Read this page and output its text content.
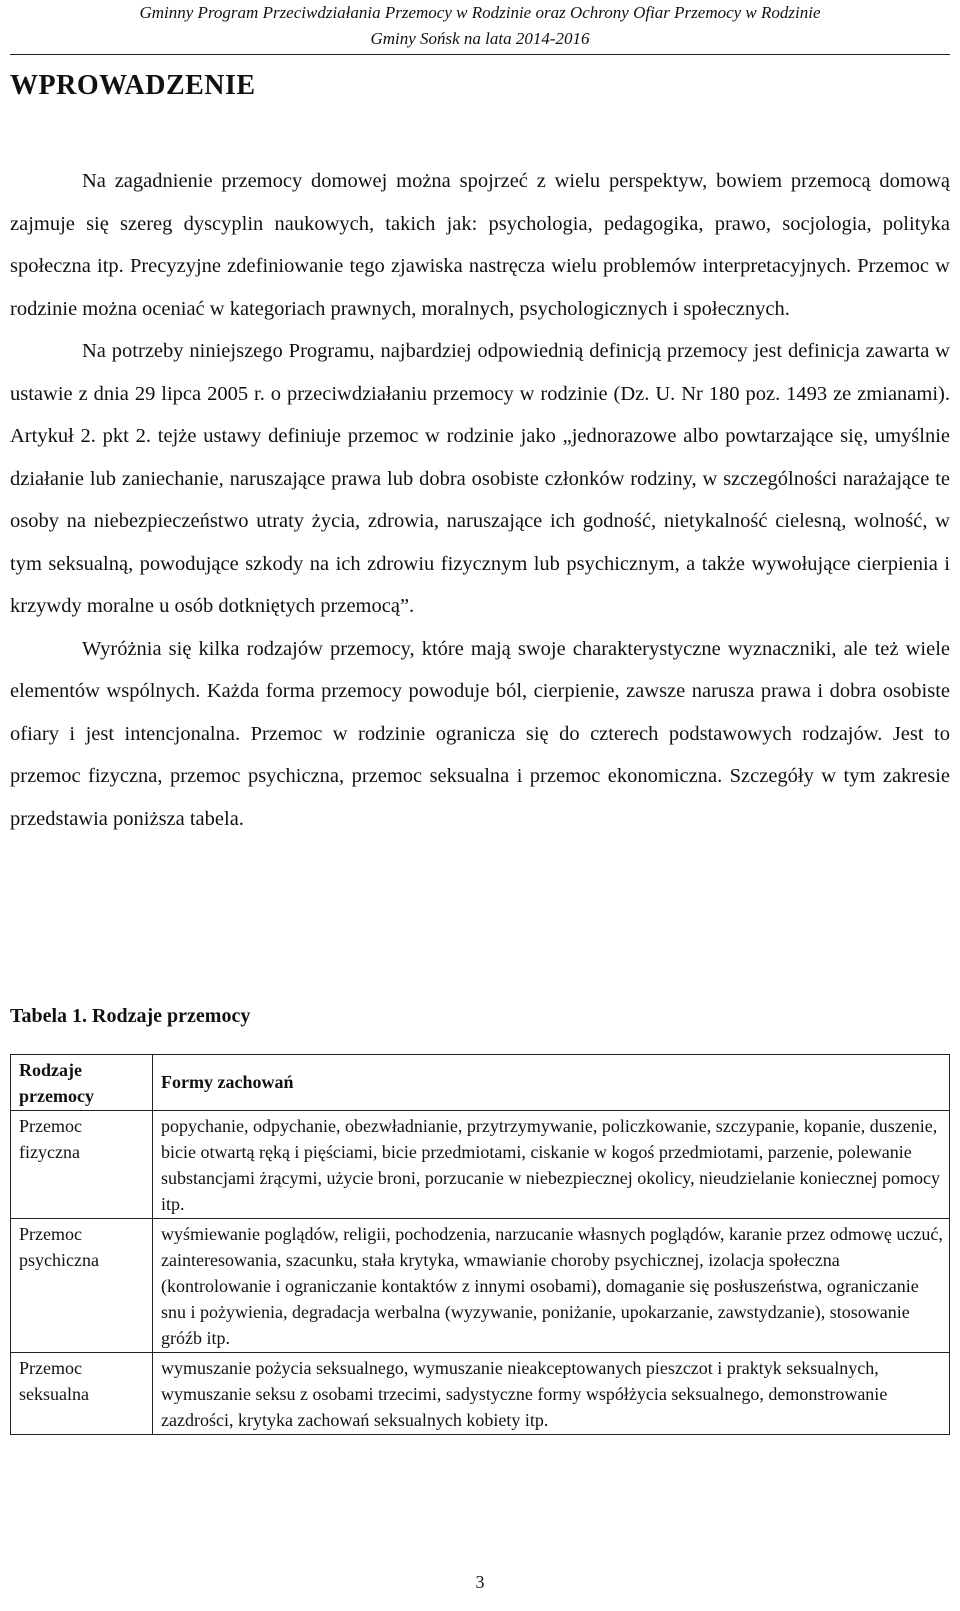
Gminny Program Przeciwdziałania Przemocy w Rodzinie oraz Ochrony Ofiar Przemocy w Rodzinie
Gminy Sońsk na lata 2014-2016
WPROWADZENIE

Na zagadnienie przemocy domowej można spojrzeć z wielu perspektyw, bowiem przemocą domową zajmuje się szereg dyscyplin naukowych, takich jak: psychologia, pedagogika, prawo, socjologia, polityka społeczna itp. Precyzyjne zdefiniowanie tego zjawiska nastręcza wielu problemów interpretacyjnych. Przemoc w rodzinie można oceniać w kategoriach prawnych, moralnych, psychologicznych i społecznych.

Na potrzeby niniejszego Programu, najbardziej odpowiednią definicją przemocy jest definicja zawarta w ustawie z dnia 29 lipca 2005 r. o przeciwdziałaniu przemocy w rodzinie (Dz. U. Nr 180 poz. 1493 ze zmianami). Artykuł 2. pkt 2. tejże ustawy definiuje przemoc w rodzinie jako „jednorazowe albo powtarzające się, umyślnie działanie lub zaniechanie, naruszające prawa lub dobra osobiste członków rodziny, w szczególności narażające te osoby na niebezpieczeństwo utraty życia, zdrowia, naruszające ich godność, nietykalność cielesną, wolność, w tym seksualną, powodujące szkody na ich zdrowiu fizycznym lub psychicznym, a także wywołujące cierpienia i krzywdy moralne u osób dotkniętych przemocą”.

Wyróżnia się kilka rodzajów przemocy, które mają swoje charakterystyczne wyznaczniki, ale też wiele elementów wspólnych. Każda forma przemocy powoduje ból, cierpienie, zawsze narusza prawa i dobra osobiste ofiary i jest intencjonalna. Przemoc w rodzinie ogranicza się do czterech podstawowych rodzajów. Jest to przemoc fizyczna, przemoc psychiczna, przemoc seksualna i przemoc ekonomiczna. Szczegóły w tym zakresie przedstawia poniższa tabela.

Tabela 1. Rodzaje przemocy
Rodzaje przemocy	Formy zachowań
Przemoc fizyczna	popychanie, odpychanie, obezwładnianie, przytrzymywanie, policzkowanie, szczypanie, kopanie, duszenie, bicie otwartą ręką i pięściami, bicie przedmiotami, ciskanie w kogoś przedmiotami, parzenie, polewanie substancjami żrącymi, użycie broni, porzucanie w niebezpiecznej okolicy, nieudzielanie koniecznej pomocy itp.
Przemoc psychiczna	wyśmiewanie poglądów, religii, pochodzenia, narzucanie własnych poglądów, karanie przez odmowę uczuć, zainteresowania, szacunku, stała krytyka, wmawianie choroby psychicznej, izolacja społeczna (kontrolowanie i ograniczanie kontaktów z innymi osobami), domaganie się posłuszeństwa, ograniczanie snu i pożywienia, degradacja werbalna (wyzywanie, poniżanie, upokarzanie, zawstydzanie), stosowanie gróźb itp.
Przemoc seksualna	wymuszanie pożycia seksualnego, wymuszanie nieakceptowanych pieszczot i praktyk seksualnych, wymuszanie seksu z osobami trzecimi, sadystyczne formy współżycia seksualnego, demonstrowanie zazdrości, krytyka zachowań seksualnych kobiety itp.
3
